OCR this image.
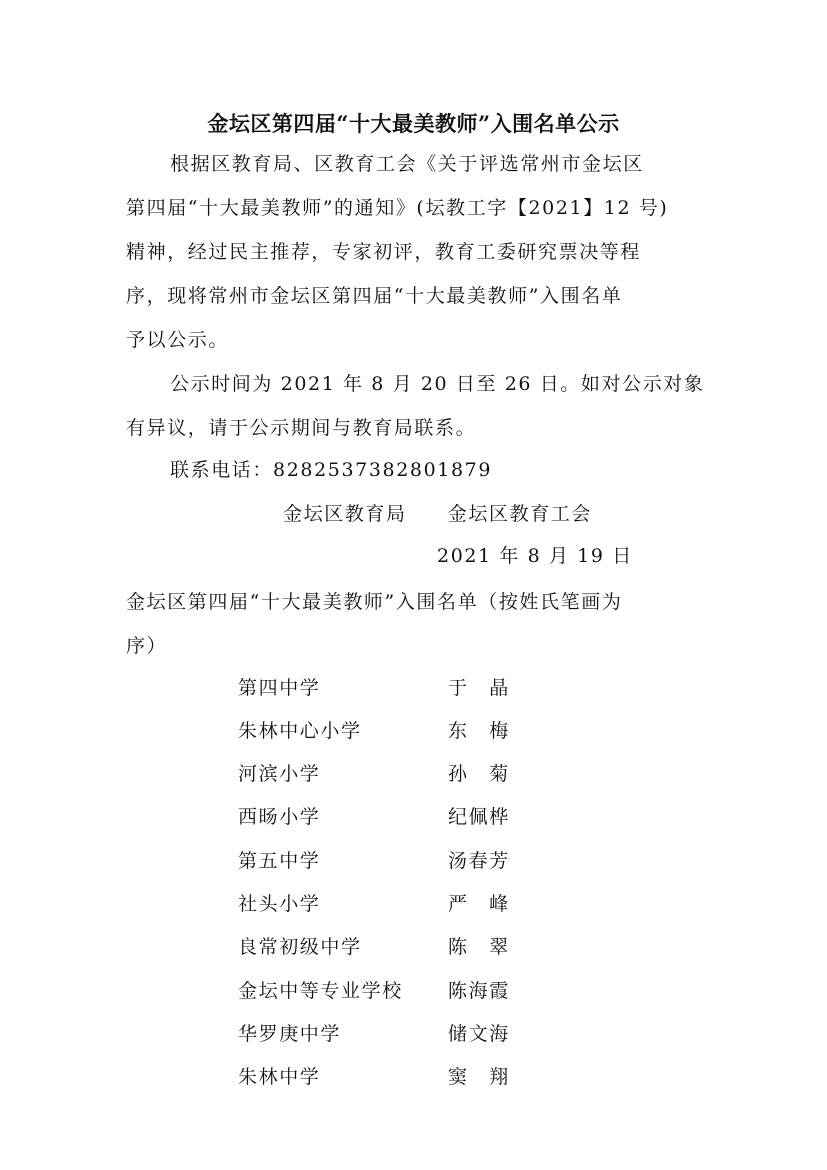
金坛区第四届“十大最美教师”入围名单公示
根据区教育局、区教育工会《关于评选常州市金坛区
第四届“十大最美教师”的通知》(坛教工字【2021】12 号)
精神，经过民主推荐，专家初评，教育工委研究票决等程
序，现将常州市金坛区第四届“十大最美教师”入围名单
予以公示。
公示时间为 2021 年 8 月 20 日至 26 日。如对公示对象
有异议，请于公示期间与教育局联系。
联系电话：8282537382801879
金坛区教育局　　金坛区教育工会
2021 年 8 月 19 日
金坛区第四届“十大最美教师”入围名单（按姓氏笔画为
序）
第四中学	于　晶
朱林中心小学	东　梅
河滨小学	孙　菊
西旸小学	纪佩桦
第五中学	汤春芳
社头小学	严　峰
良常初级中学	陈　翠
金坛中等专业学校 陈海霞
华罗庚中学	储文海
朱林中学	窦　翔
